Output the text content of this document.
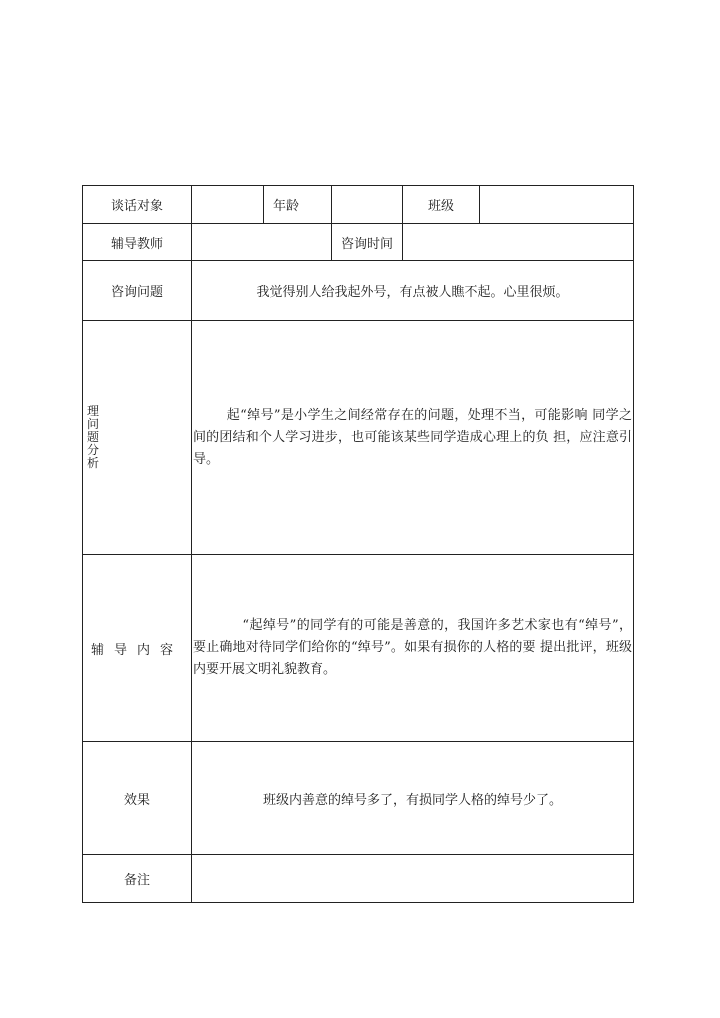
谈话对象		年龄		班级	
辅导教师			咨询时间		
咨询问题	我觉得别人给我起外号，有点被人瞧不起。心里很烦。				
理问题分析	起“绰号”是小学生之间经常存在的问题，处理不当，可能影响 同学之间的团结和个人学习进步，也可能该某些同学造成心理上的负 担，应注意引导。				

辅导内容	“起绰号”的同学有的可能是善意的，我国许多艺术家也有“绰号”，要止确地对待同学们给你的“绰号”。如果有损你的人格的要 提出批评，班级内要开展文明礼貌教育。				

效果	班级内善意的绰号多了，有损同学人格的绰号少了。				
备注					
